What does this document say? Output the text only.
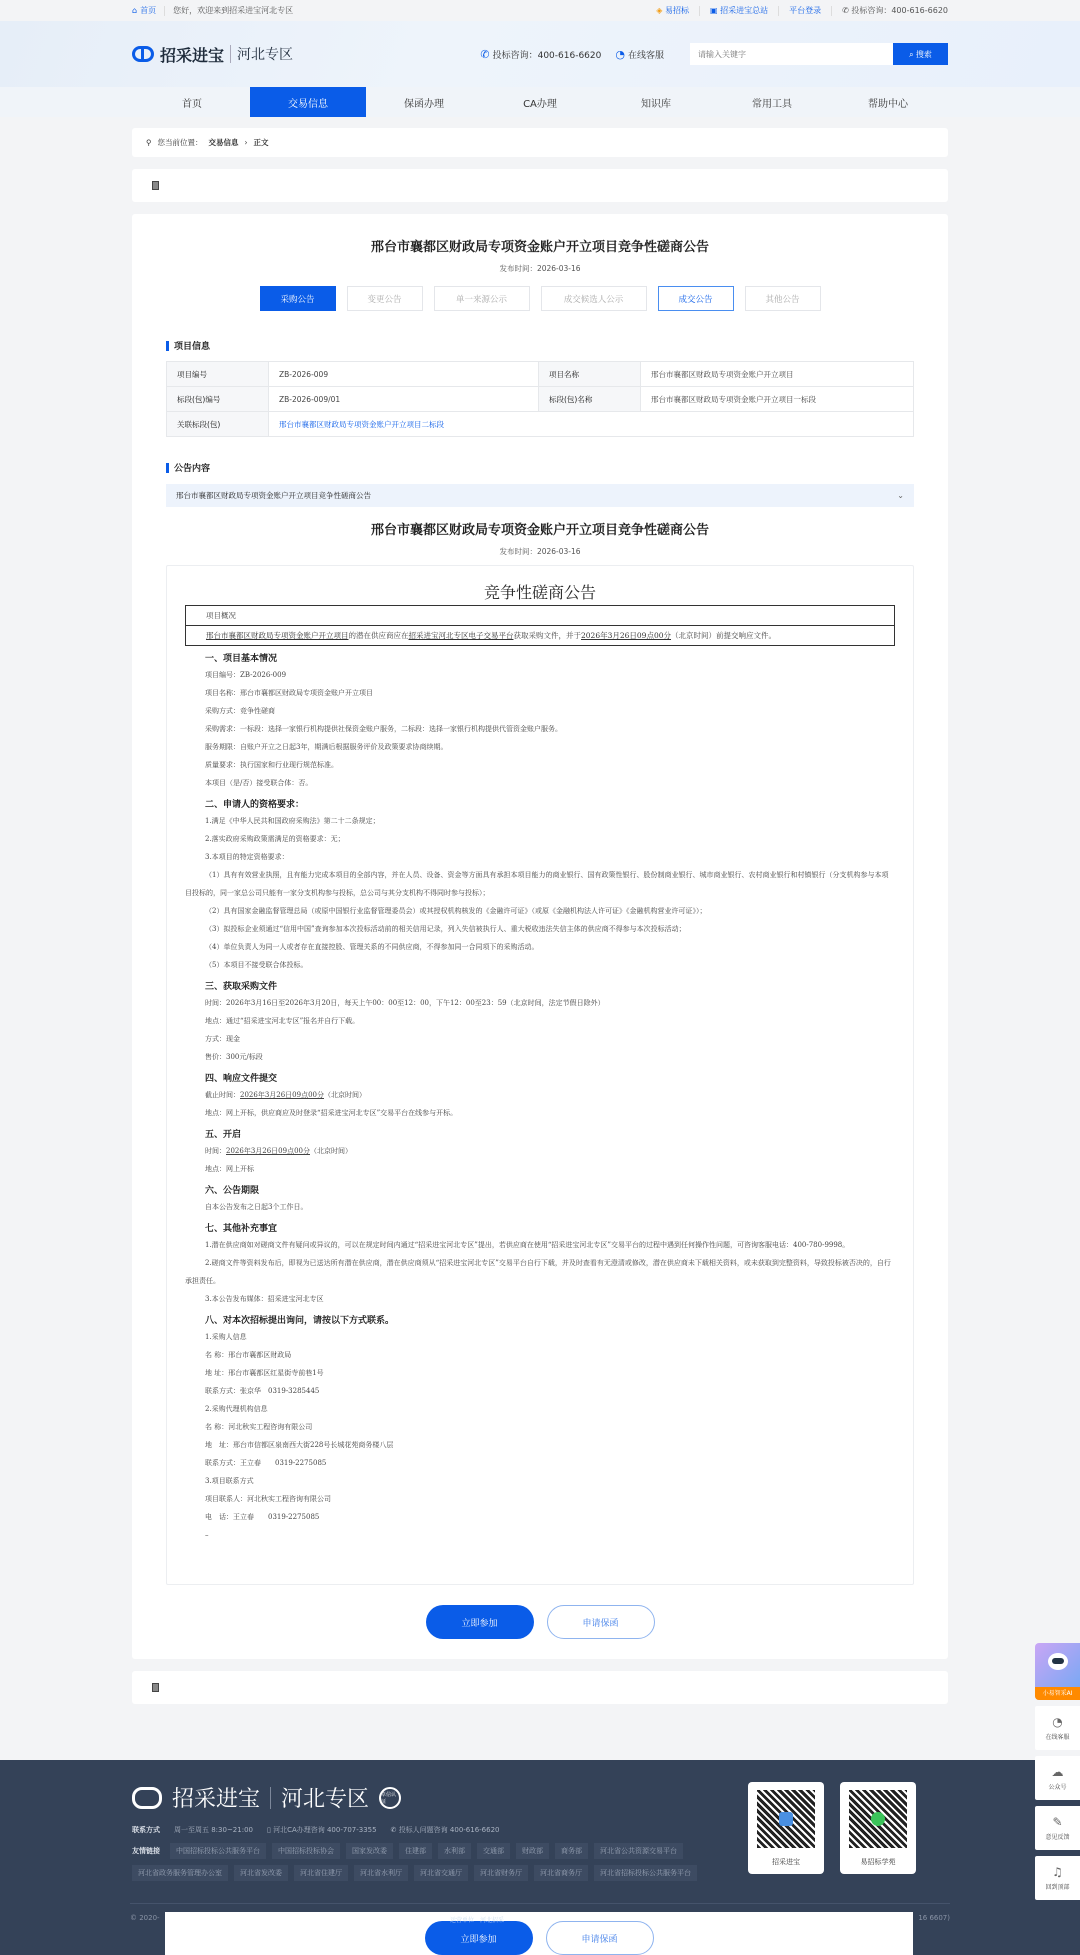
⌂ 首页 您好，欢迎来到招采进宝河北专区	◈ 易招标	▣ 招采进宝总站	平台登录	✆ 投标咨询：400-616-6620
招采进宝 河北专区	✆ 投标咨询：400-616-6620 ◔ 在线客服
请输入关键字	⌕ 搜索
首页	交易信息	保函办理	CA办理	知识库	常用工具	帮助中心
⚲ 您当前位置： 交易信息 › 正文
邢台市襄都区财政局专项资金账户开立项目竞争性磋商公告
发布时间：2026-03-16
采购公告	变更公告	单一来源公示	成交候选人公示	成交公告	其他公告
项目信息
项目编号	ZB-2026-009	项目名称	邢台市襄都区财政局专项资金账户开立项目
标段(包)编号	ZB-2026-009/01	标段(包)名称	邢台市襄都区财政局专项资金账户开立项目一标段
关联标段(包)	邢台市襄都区财政局专项资金账户开立项目二标段		
公告内容
邢台市襄都区财政局专项资金账户开立项目竞争性磋商公告	⌄
邢台市襄都区财政局专项资金账户开立项目竞争性磋商公告
发布时间：2026-03-16
竞争性磋商公告
项目概况
邢台市襄都区财政局专项资金账户开立项目的潜在供应商应在招采进宝河北专区电子交易平台获取采购文件，并于2026年3月26日09点00分（北京时间）前提交响应文件。
一、项目基本情况
项目编号：ZB-2026-009
项目名称：邢台市襄都区财政局专项资金账户开立项目
采购方式：竞争性磋商
采购需求：一标段：选择一家银行机构提供社保资金账户服务，二标段：选择一家银行机构提供代管资金账户服务。
服务期限：自账户开立之日起3年，期满后根据服务评价及政策要求协商续期。
质量要求：执行国家和行业现行规范标准。
本项目（是/否）接受联合体：否。
二、申请人的资格要求：
1.满足《中华人民共和国政府采购法》第二十二条规定；
2.落实政府采购政策需满足的资格要求：无；
3.本项目的特定资格要求：
（1）具有有效营业执照，且有能力完成本项目的全部内容，并在人员、设备、资金等方面具有承担本项目能力的商业银行、国有政策性银行、股份制商业银行、城市商业银行、农村商业银行和村镇银行（分支机构参与本项目投标的，同一家总公司只能有一家分支机构参与投标，总公司与其分支机构不得同时参与投标）；
（2）具有国家金融监督管理总局（或原中国银行业监督管理委员会）或其授权机构核发的《金融许可证》（或原《金融机构法人许可证》《金融机构营业许可证》）；
（3）拟投标企业须通过“信用中国”查询参加本次投标活动前的相关信用记录，列入失信被执行人、重大税收违法失信主体的供应商不得参与本次投标活动；
（4）单位负责人为同一人或者存在直接控股、管理关系的不同供应商，不得参加同一合同项下的采购活动。
（5）本项目不接受联合体投标。
三、获取采购文件
时间：2026年3月16日至2026年3月20日，每天上午00：00至12：00，下午12：00至23：59（北京时间，法定节假日除外）
地点：通过“招采进宝河北专区”报名并自行下载。
方式：现金
售价：300元/标段
四、响应文件提交
截止时间：2026年3月26日09点00分（北京时间）
地点：网上开标，供应商应及时登录“招采进宝河北专区”交易平台在线参与开标。
五、开启
时间：2026年3月26日09点00分（北京时间）
地点：网上开标
六、公告期限
自本公告发布之日起3个工作日。
七、其他补充事宜
1.潜在供应商如对磋商文件有疑问或异议的，可以在规定时间内通过“招采进宝河北专区”提出，若供应商在使用“招采进宝河北专区”交易平台的过程中遇到任何操作性问题，可咨询客服电话：400-780-9998。
2.磋商文件等资料发布后，即视为已送达所有潜在供应商，潜在供应商须从“招采进宝河北专区”交易平台自行下载，并及时查看有无澄清或修改，潜在供应商未下载相关资料，或未获取到完整资料，导致投标被否决的，自行承担责任。
3.本公告发布媒体：招采进宝河北专区
八、对本次招标提出询问，请按以下方式联系。
1.采购人信息
名 称：邢台市襄都区财政局
地 址：邢台市襄都区红星街寺前巷1号
联系方式：张京华　0319-3285445
2.采购代理机构信息
名 称：河北秋实工程咨询有限公司
地　址：邢台市信都区泉南西大街228号长城花苑商务楼八层
联系方式：王立春　　0319-2275085
3.项目联系方式
项目联系人：河北秋实工程咨询有限公司
电　话：王立春　　0319-2275085
–
立即参加	申请保函
招采进宝 河北专区	卓信认证
联系方式 周一至周五 8:30~21:00 ▯ 河北CA办理咨询 400-707-3355 ✆ 投标人问题咨询 400-616-6620
友情链接	中国招标投标公共服务平台	中国招标投标协会	国家发改委	住建部	水利部	交通部	财政部	商务部	河北省公共资源交易平台
河北省政务服务管理办公室	河北省发改委	河北省住建厅	河北省水利厅	河北省交通厅	河北省财务厅	河北省商务厅	河北省招标投标公共服务平台
招采进宝	易招标学苑
© 2020-	16 6607)
运营单位　河北招采
立即参加	申请保函
小易智采AI
◔
在线客服
☁
公众号
✎
意见反馈
♫
回到顶部
